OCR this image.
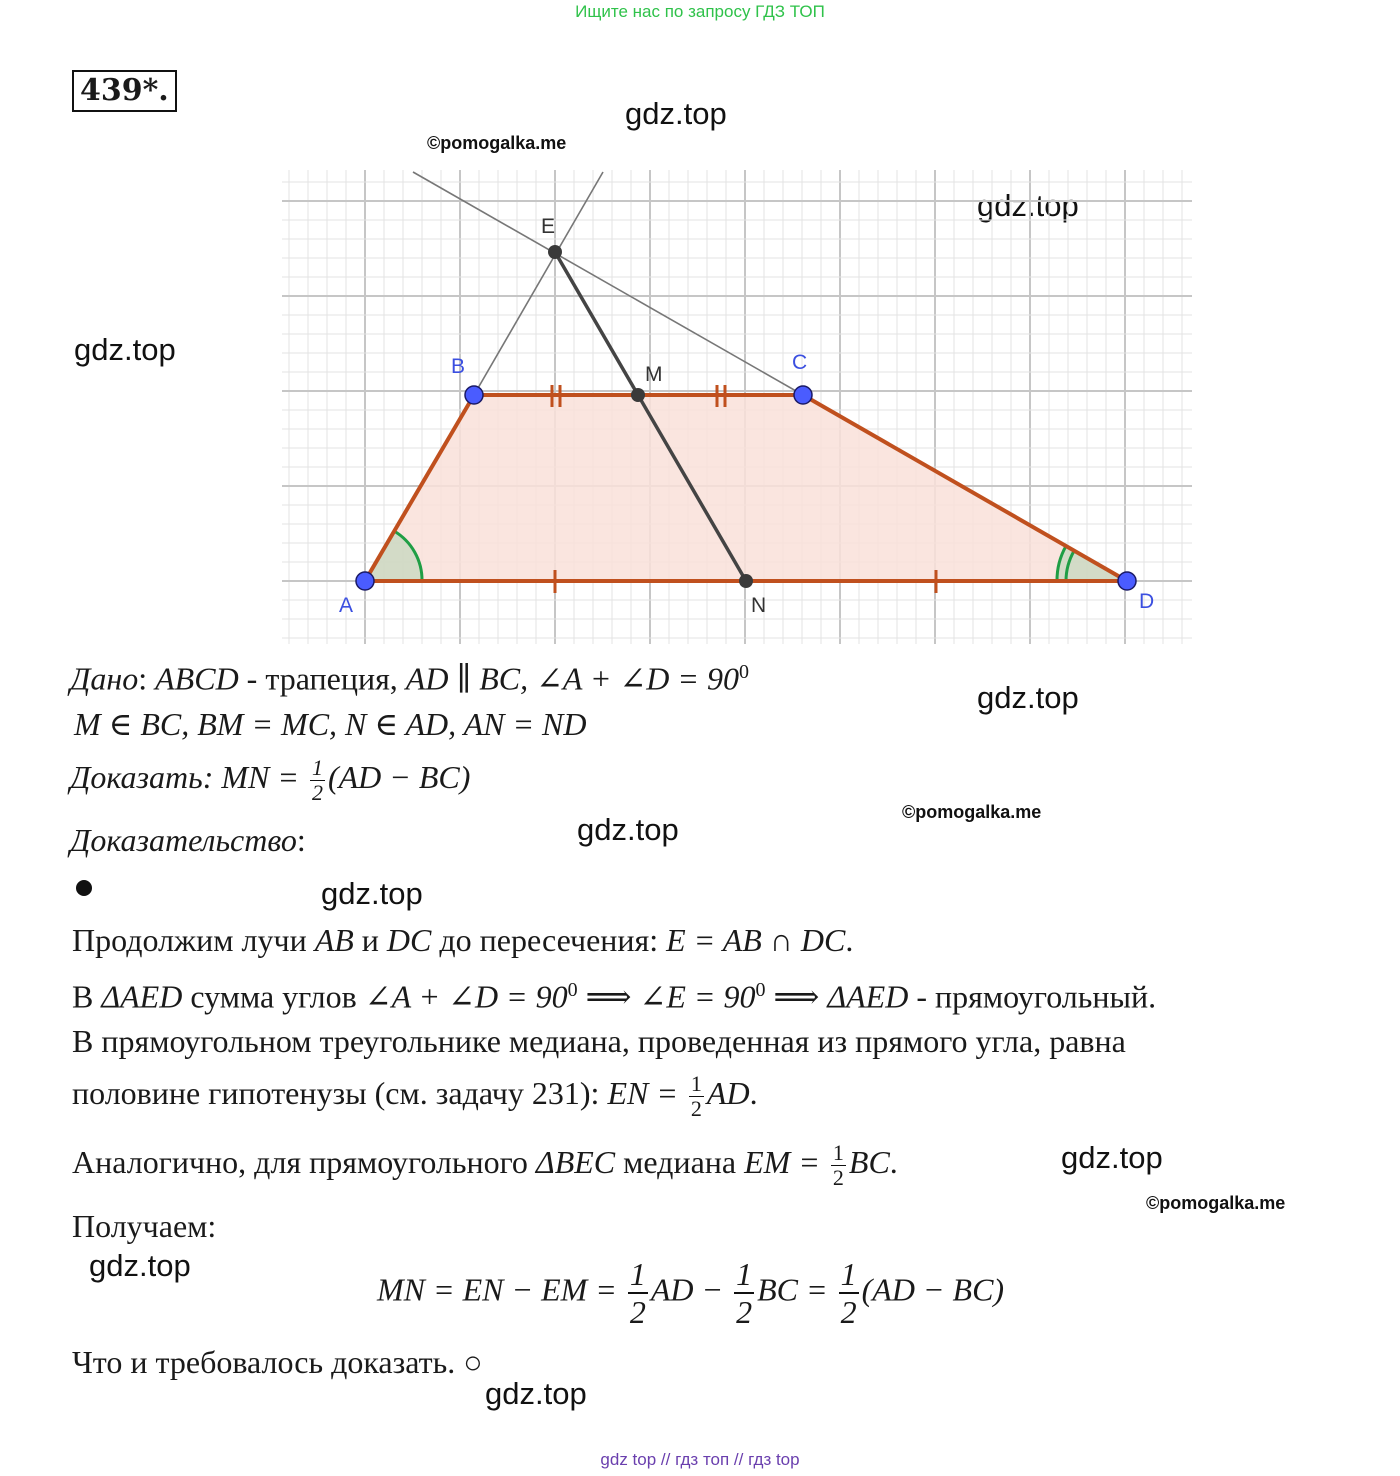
Ищите нас по запросу ГДЗ ТОП
439*.
gdz.top
gdz.top
gdz.top
gdz.top
gdz.top
gdz.top
gdz.top
gdz.top
gdz.top
©pomogalka.me
©pomogalka.me
©pomogalka.me
A
B	C
D
E
M
N
Дано: ABCD - трапеция, AD ∥ BC, ∠A + ∠D = $90^0$
M ∈ BC, BM = MC, N ∈ AD, AN = ND
Доказать: MN = $\frac{1}{2} (AD - BC)$
Доказательство:
Продолжим лучи AB и DC до пересечения: E = AB ∩ DC.
В ΔAED сумма углов ∠A + ∠D = $90^0$ ⟹ ∠E = $90^0$ ⟹ ΔAED - прямоугольный.
В прямоугольном треугольнике медиана, проведенная из прямого угла, равна
половине гипотенузы (см. задачу 231): EN = $\frac{1}{2}$ AD.
Аналогично, для прямоугольного ΔBEC медиана EM = $\frac{1}{2}$ BC.
Получаем:
MN = EN − EM = $\frac{1}{2}$ AD − $\frac{1}{2}$ BC = $\frac{1}{2} (AD - BC)$
Что и требовалось доказать. ○
gdz top // гдз топ // гдз top
